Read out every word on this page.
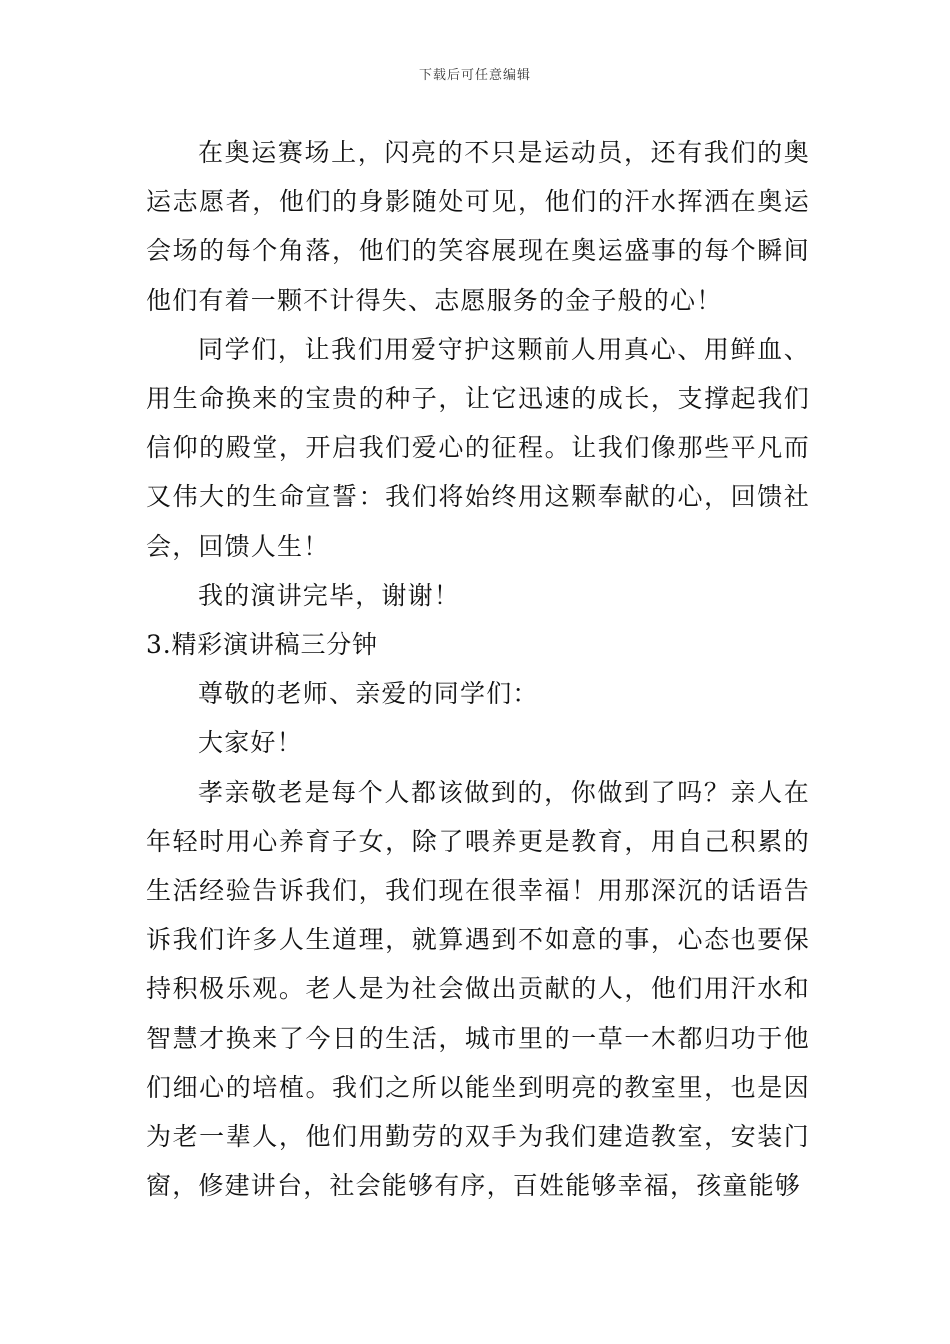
下载后可任意编辑

在奥运赛场上，闪亮的不只是运动员，还有我们的奥运志愿者，他们的身影随处可见，他们的汗水挥洒在奥运会场的每个角落，他们的笑容展现在奥运盛事的每个瞬间他们有着一颗不计得失、志愿服务的金子般的心！

同学们，让我们用爱守护这颗前人用真心、用鲜血、用生命换来的宝贵的种子，让它迅速的成长，支撑起我们信仰的殿堂，开启我们爱心的征程。让我们像那些平凡而又伟大的生命宣誓：我们将始终用这颗奉献的心，回馈社会，回馈人生！

我的演讲完毕，谢谢！

3.精彩演讲稿三分钟

尊敬的老师、亲爱的同学们：

大家好！

孝亲敬老是每个人都该做到的，你做到了吗？亲人在年轻时用心养育子女，除了喂养更是教育，用自己积累的生活经验告诉我们，我们现在很幸福！用那深沉的话语告诉我们许多人生道理，就算遇到不如意的事，心态也要保持积极乐观。老人是为社会做出贡献的人，他们用汗水和智慧才换来了今日的生活，城市里的一草一木都归功于他们细心的培植。我们之所以能坐到明亮的教室里，也是因为老一辈人，他们用勤劳的双手为我们建造教室，安装门窗，修建讲台，社会能够有序，百姓能够幸福，孩童能够
